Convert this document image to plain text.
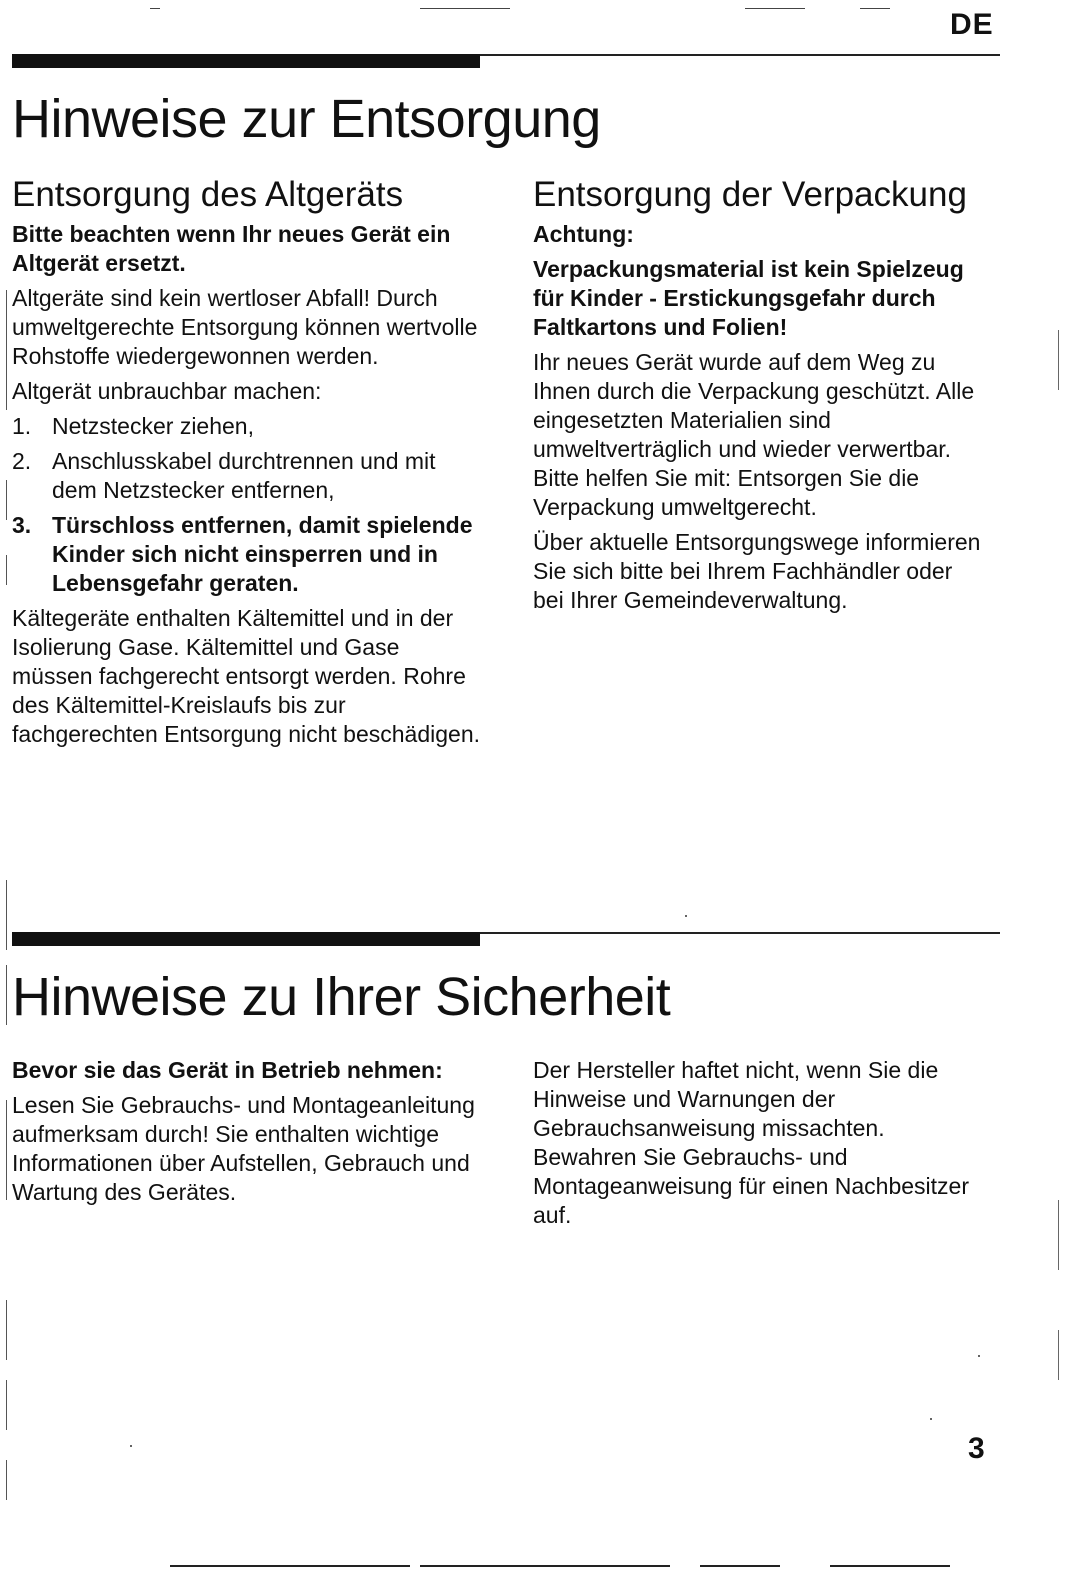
DE
Hinweise zur Entsorgung
Entsorgung des Altgeräts

Bitte beachten wenn Ihr neues Gerät ein Altgerät ersetzt.

Altgeräte sind kein wertloser Abfall! Durch umweltgerechte Entsorgung können wertvolle Rohstoffe wiedergewonnen werden.

Altgerät unbrauchbar machen:

1. Netzstecker ziehen,
2. Anschlusskabel durchtrennen und mit dem Netzstecker entfernen,
3. Türschloss entfernen, damit spielende Kinder sich nicht einsperren und in Lebensgefahr geraten.

Kältegeräte enthalten Kältemittel und in der Isolierung Gase. Kältemittel und Gase müssen fachgerecht entsorgt werden. Rohre des Kältemittel-Kreislaufs bis zur fachgerechten Entsorgung nicht beschädigen.

Entsorgung der Verpackung

Achtung:

Verpackungsmaterial ist kein Spielzeug für Kinder - Erstickungsgefahr durch Faltkartons und Folien!

Ihr neues Gerät wurde auf dem Weg zu Ihnen durch die Verpackung geschützt. Alle eingesetzten Materialien sind umweltverträglich und wieder verwertbar. Bitte helfen Sie mit: Entsorgen Sie die Verpackung umweltgerecht.

Über aktuelle Entsorgungswege informieren Sie sich bitte bei Ihrem Fachhändler oder bei Ihrer Gemeindeverwaltung.

Hinweise zu Ihrer Sicherheit

Bevor sie das Gerät in Betrieb nehmen:

Lesen Sie Gebrauchs- und Montageanleitung aufmerksam durch! Sie enthalten wichtige Informationen über Aufstellen, Gebrauch und Wartung des Gerätes.

Der Hersteller haftet nicht, wenn Sie die Hinweise und Warnungen der Gebrauchsanweisung missachten. Bewahren Sie Gebrauchs- und Montageanweisung für einen Nachbesitzer auf.

3
